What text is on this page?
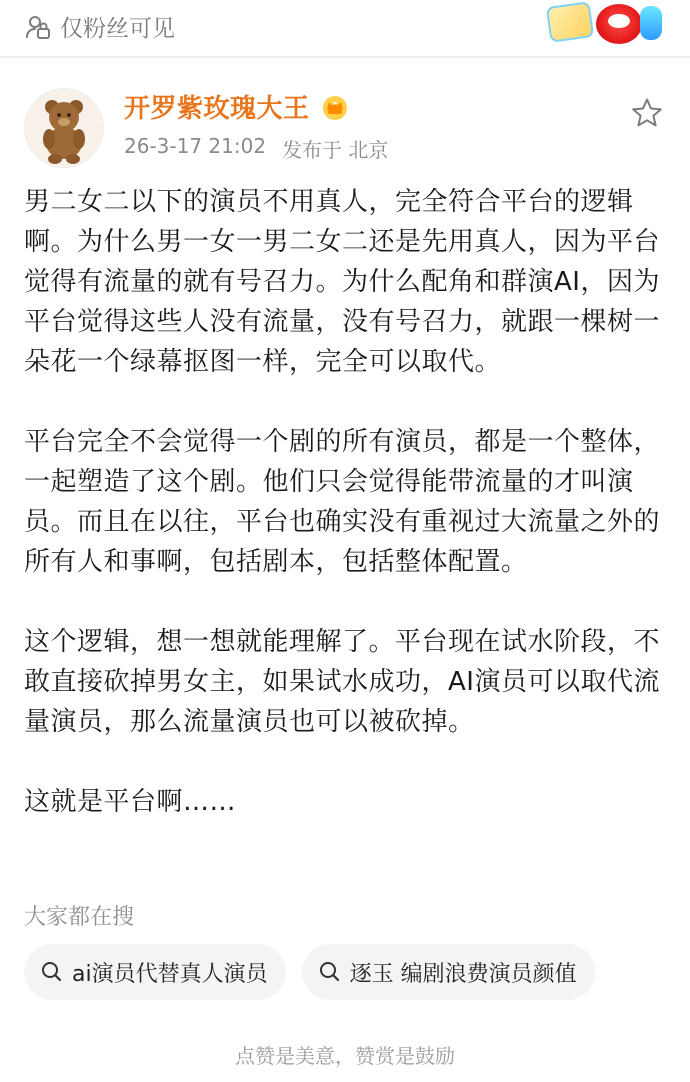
仅粉丝可见
开罗紫玫瑰大王
26-3-17 21:02 发布于 北京

男二女二以下的演员不用真人，完全符合平台的逻辑啊。为什么男一女一男二女二还是先用真人，因为平台觉得有流量的就有号召力。为什么配角和群演AI，因为平台觉得这些人没有流量，没有号召力，就跟一棵树一朵花一个绿幕抠图一样，完全可以取代。

平台完全不会觉得一个剧的所有演员，都是一个整体，一起塑造了这个剧。他们只会觉得能带流量的才叫演员。而且在以往，平台也确实没有重视过大流量之外的所有人和事啊，包括剧本，包括整体配置。

这个逻辑，想一想就能理解了。平台现在试水阶段，不敢直接砍掉男女主，如果试水成功，AI演员可以取代流量演员，那么流量演员也可以被砍掉。

这就是平台啊……

大家都在搜
ai演员代替真人演员	逐玉 编剧浪费演员颜值
点赞是美意，赞赏是鼓励
